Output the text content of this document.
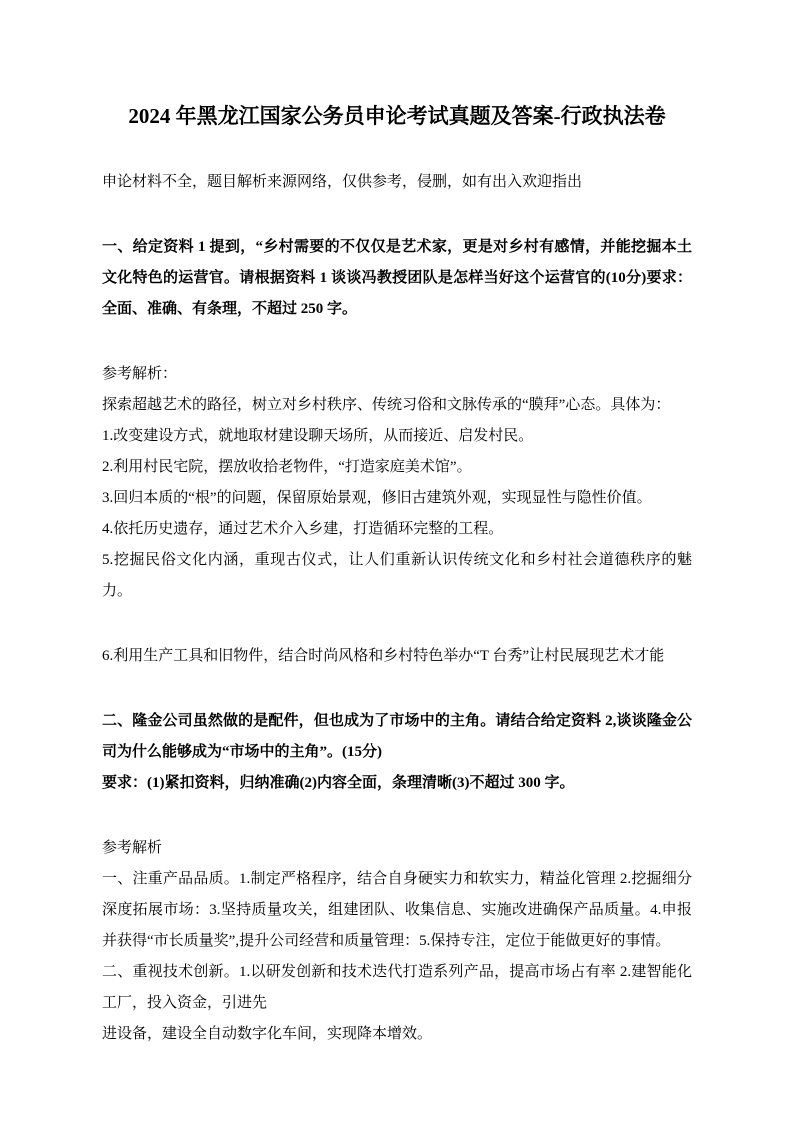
2024 年黑龙江国家公务员申论考试真题及答案-行政执法卷

申论材料不全，题目解析来源网络，仅供参考，侵删，如有出入欢迎指出

一、给定资料 1 提到，“乡村需要的不仅仅是艺术家，更是对乡村有感情，并能挖掘本土文化特色的运营官。请根据资料 1 谈谈冯教授团队是怎样当好这个运营官的(10分)要求：全面、准确、有条理，不超过 250 字。

参考解析：

探索超越艺术的路径，树立对乡村秩序、传统习俗和文脉传承的“膜拜”心态。具体为：

1.改变建设方式，就地取材建设聊天场所，从而接近、启发村民。

2.利用村民宅院，摆放收拾老物件，“打造家庭美术馆”。

3.回归本质的“根”的问题，保留原始景观，修旧古建筑外观，实现显性与隐性价值。

4.依托历史遗存，通过艺术介入乡建，打造循环完整的工程。

5.挖掘民俗文化内涵，重现古仪式，让人们重新认识传统文化和乡村社会道德秩序的魅力。

6.利用生产工具和旧物件，结合时尚风格和乡村特色举办“T 台秀”让村民展现艺术才能

二、隆金公司虽然做的是配件，但也成为了市场中的主角。请结合给定资料 2,谈谈隆金公司为什么能够成为“市场中的主角”。(15分)

要求：(1)紧扣资料，归纳准确(2)内容全面，条理清晰(3)不超过 300 字。

参考解析

一、注重产品品质。1.制定严格程序，结合自身硬实力和软实力，精益化管理 2.挖掘细分深度拓展市场：3.坚持质量攻关，组建团队、收集信息、实施改进确保产品质量。4.申报并获得“市长质量奖”,提升公司经营和质量管理：5.保持专注，定位于能做更好的事情。

二、重视技术创新。1.以研发创新和技术迭代打造系列产品，提高市场占有率 2.建智能化工厂，投入资金，引进先

进设备，建设全自动数字化车间，实现降本增效。
